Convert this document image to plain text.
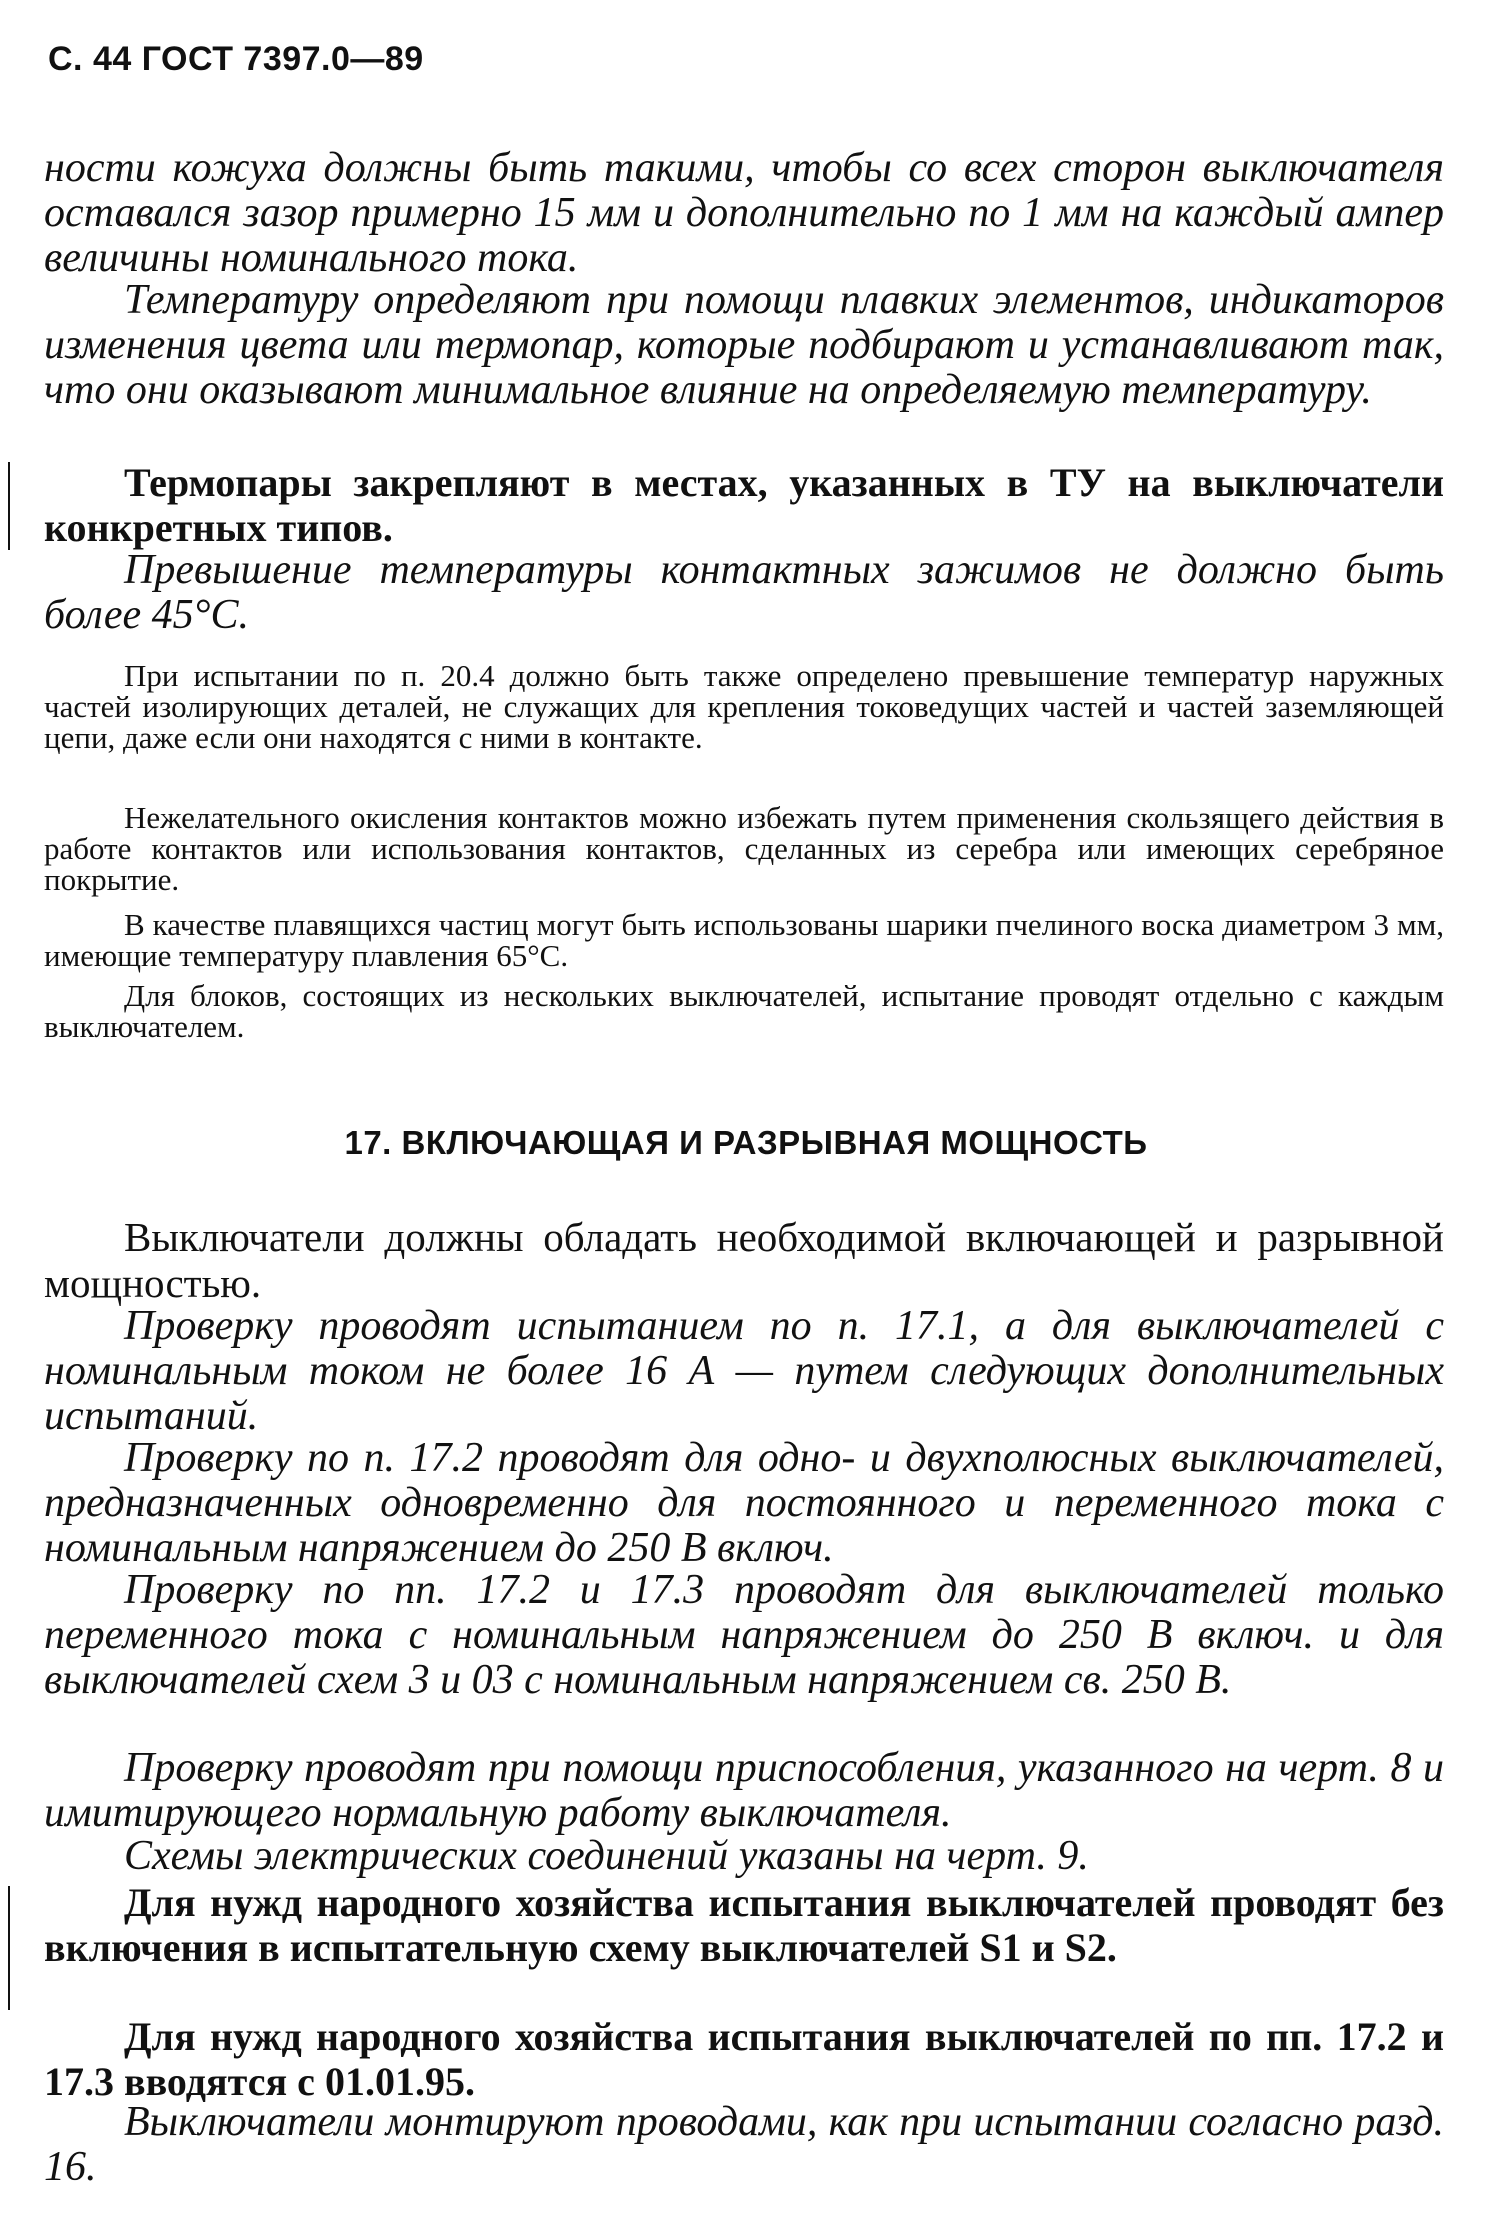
С. 44 ГОСТ 7397.0—89

ности кожуха должны быть такими, чтобы со всех сторон выключателя оставался зазор примерно 15 мм и дополнительно по 1 мм на каждый ампер величины номинального тока.

Температуру определяют при помощи плавких элементов, индикаторов изменения цвета или термопар, которые подбирают и устанавливают так, что они оказывают минимальное влияние на определяемую температуру.

Термопары закрепляют в местах, указанных в ТУ на выключатели конкретных типов.

Превышение температуры контактных зажимов не должно быть более 45°С.

При испытании по п. 20.4 должно быть также определено превышение температур наружных частей изолирующих деталей, не служащих для крепления токоведущих частей и частей заземляющей цепи, даже если они находятся с ними в контакте.

Нежелательного окисления контактов можно избежать путем применения скользящего действия в работе контактов или использования контактов, сделанных из серебра или имеющих серебряное покрытие.

В качестве плавящихся частиц могут быть использованы шарики пчелиного воска диаметром 3 мм, имеющие температуру плавления 65°С.

Для блоков, состоящих из нескольких выключателей, испытание проводят отдельно с каждым выключателем.

17. ВКЛЮЧАЮЩАЯ И РАЗРЫВНАЯ МОЩНОСТЬ

Выключатели должны обладать необходимой включающей и разрывной мощностью.

Проверку проводят испытанием по п. 17.1, а для выключателей с номинальным током не более 16 А — путем следующих дополнительных испытаний.

Проверку по п. 17.2 проводят для одно- и двухполюсных выключателей, предназначенных одновременно для постоянного и переменного тока с номинальным напряжением до 250 В включ.

Проверку по пп. 17.2 и 17.3 проводят для выключателей только переменного тока с номинальным напряжением до 250 В включ. и для выключателей схем 3 и 03 с номинальным напряжением св. 250 В.

Проверку проводят при помощи приспособления, указанного на черт. 8 и имитирующего нормальную работу выключателя.

Схемы электрических соединений указаны на черт. 9.

Для нужд народного хозяйства испытания выключателей проводят без включения в испытательную схему выключателей S1 и S2.

Для нужд народного хозяйства испытания выключателей по пп. 17.2 и 17.3 вводятся с 01.01.95.

Выключатели монтируют проводами, как при испытании согласно разд. 16.
